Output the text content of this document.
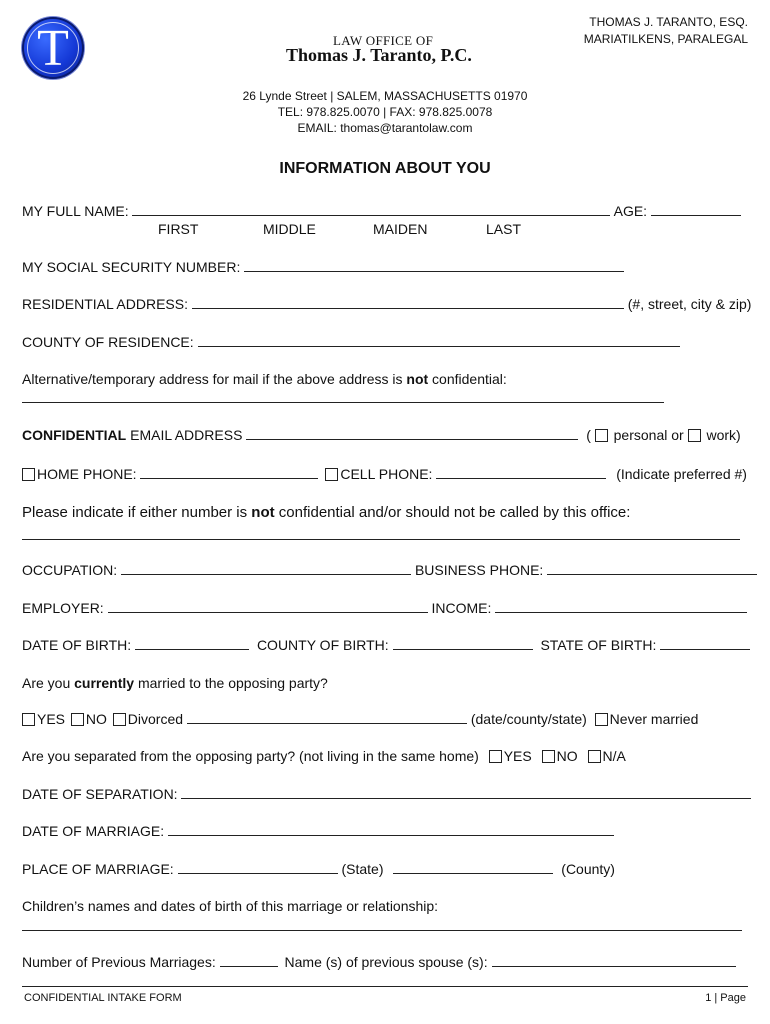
T	THOMAS J. TARANTO, ESQ.
MARIATILKENS, PARALEGAL
LAW OFFICE OF
Thomas J. Taranto, P.C.
26 Lynde Street | SALEM, MASSACHUSETTS 01970
TEL: 978.825.0070 | FAX: 978.825.0078
EMAIL: thomas@tarantolaw.com
INFORMATION ABOUT YOU
MY FULL NAME:	AGE:
FIRST	MIDDLE	MAIDEN	LAST
MY SOCIAL SECURITY NUMBER:
RESIDENTIAL ADDRESS:	(#, street, city & zip)
COUNTY OF RESIDENCE:
Alternative/temporary address for mail if the above address is not confidential:
CONFIDENTIAL EMAIL ADDRESS	( personal or work)
HOME PHONE:	CELL PHONE:	(Indicate preferred #)
Please indicate if either number is not confidential and/or should not be called by this office:
OCCUPATION:	BUSINESS PHONE:
EMPLOYER:	INCOME:
DATE OF BIRTH:	COUNTY OF BIRTH:	STATE OF BIRTH:
Are you currently married to the opposing party?
YES NO Divorced	(date/county/state) Never married
Are you separated from the opposing party? (not living in the same home) YES NO N/A
DATE OF SEPARATION:
DATE OF MARRIAGE:
PLACE OF MARRIAGE:	(State)	(County)
Children’s names and dates of birth of this marriage or relationship:
Number of Previous Marriages:	Name (s) of previous spouse (s):
CONFIDENTIAL INTAKE FORM	1 | Page
